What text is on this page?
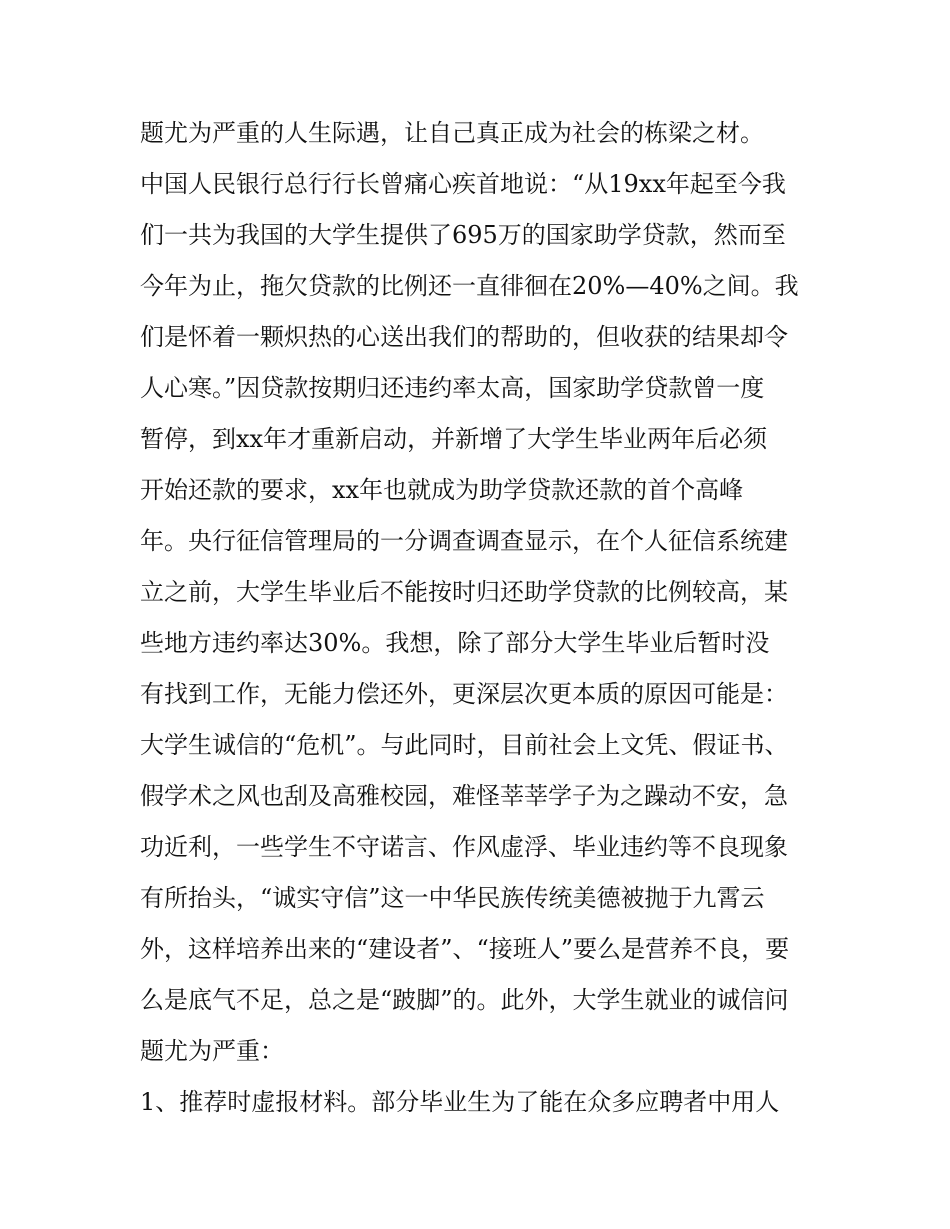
题尤为严重的人生际遇，让自己真正成为社会的栋梁之材。
中国人民银行总行行长曾痛心疾首地说：“从19xx年起至今我
们一共为我国的大学生提供了695万的国家助学贷款，然而至
今年为止，拖欠贷款的比例还一直徘徊在20%—40%之间。我
们是怀着一颗炽热的心送出我们的帮助的，但收获的结果却令
人心寒。”因贷款按期归还违约率太高，国家助学贷款曾一度
暂停，到xx年才重新启动，并新增了大学生毕业两年后必须
开始还款的要求，xx年也就成为助学贷款还款的首个高峰
年。央行征信管理局的一分调查调查显示，在个人征信系统建
立之前，大学生毕业后不能按时归还助学贷款的比例较高，某
些地方违约率达30%。我想，除了部分大学生毕业后暂时没
有找到工作，无能力偿还外，更深层次更本质的原因可能是：
大学生诚信的“危机”。与此同时，目前社会上文凭、假证书、
假学术之风也刮及高雅校园，难怪莘莘学子为之躁动不安，急
功近利，一些学生不守诺言、作风虚浮、毕业违约等不良现象
有所抬头，“诚实守信”这一中华民族传统美德被抛于九霄云
外，这样培养出来的“建设者”、“接班人”要么是营养不良，要
么是底气不足，总之是“跛脚”的。此外，大学生就业的诚信问
题尤为严重：
1、推荐时虚报材料。部分毕业生为了能在众多应聘者中用人
